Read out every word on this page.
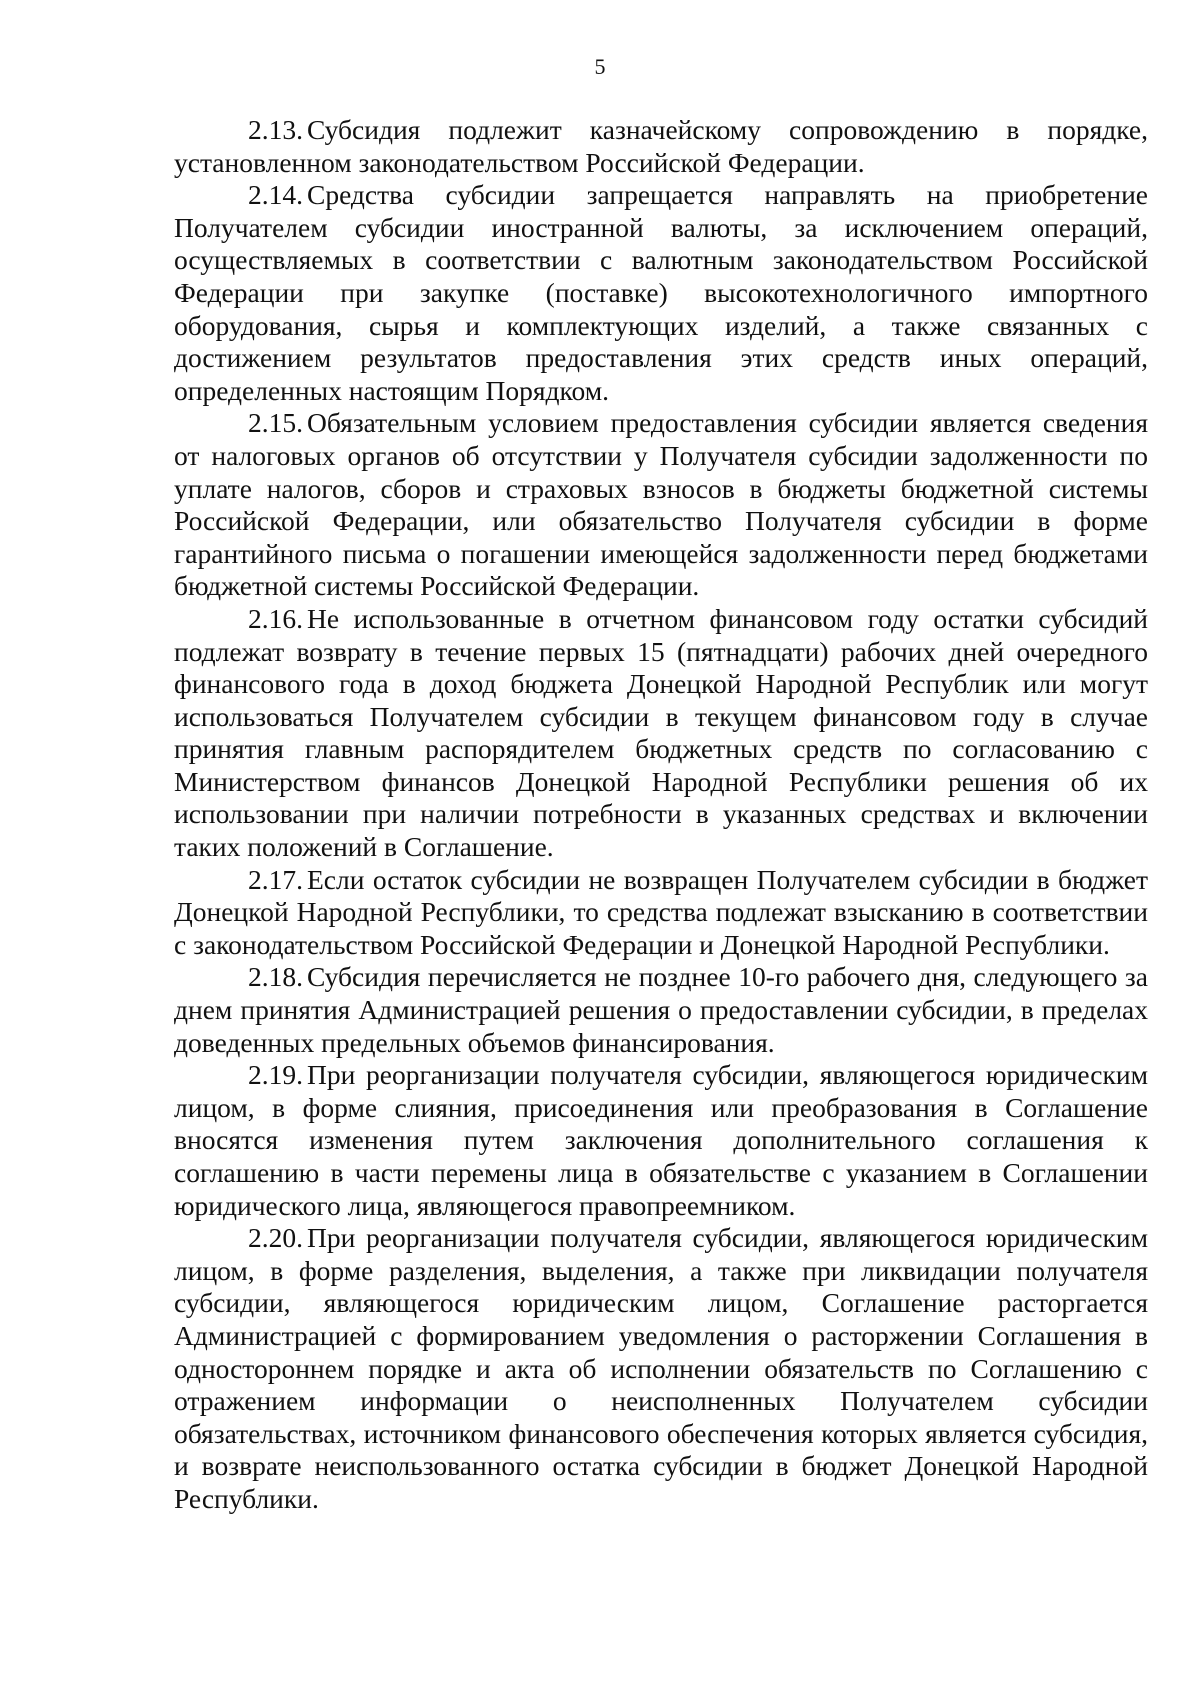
5

2.13. Субсидия подлежит казначейскому сопровождению в порядке, установленном законодательством Российской Федерации.

2.14. Средства субсидии запрещается направлять на приобретение Получателем субсидии иностранной валюты, за исключением операций, осуществляемых в соответствии с валютным законодательством Российской Федерации при закупке (поставке) высокотехнологичного импортного оборудования, сырья и комплектующих изделий, а также связанных с достижением результатов предоставления этих средств иных операций, определенных настоящим Порядком.

2.15. Обязательным условием предоставления субсидии является сведения от налоговых органов об отсутствии у Получателя субсидии задолженности по уплате налогов, сборов и страховых взносов в бюджеты бюджетной системы Российской Федерации, или обязательство Получателя субсидии в форме гарантийного письма о погашении имеющейся задолженности перед бюджетами бюджетной системы Российской Федерации.

2.16. Не использованные в отчетном финансовом году остатки субсидий подлежат возврату в течение первых 15 (пятнадцати) рабочих дней очередного финансового года в доход бюджета Донецкой Народной Республик или могут использоваться Получателем субсидии в текущем финансовом году в случае принятия главным распорядителем бюджетных средств по согласованию с Министерством финансов Донецкой Народной Республики решения об их использовании при наличии потребности в указанных средствах и включении таких положений в Соглашение.

2.17. Если остаток субсидии не возвращен Получателем субсидии в бюджет Донецкой Народной Республики, то средства подлежат взысканию в соответствии с законодательством Российской Федерации и Донецкой Народной Республики.

2.18. Субсидия перечисляется не позднее 10-го рабочего дня, следующего за днем принятия Администрацией решения о предоставлении субсидии, в пределах доведенных предельных объемов финансирования.

2.19. При реорганизации получателя субсидии, являющегося юридическим лицом, в форме слияния, присоединения или преобразования в Соглашение вносятся изменения путем заключения дополнительного соглашения к соглашению в части перемены лица в обязательстве с указанием в Соглашении юридического лица, являющегося правопреемником.

2.20. При реорганизации получателя субсидии, являющегося юридическим лицом, в форме разделения, выделения, а также при ликвидации получателя субсидии, являющегося юридическим лицом, Соглашение расторгается Администрацией с формированием уведомления о расторжении Соглашения в одностороннем порядке и акта об исполнении обязательств по Соглашению с отражением информации о неисполненных Получателем субсидии обязательствах, источником финансового обеспечения которых является субсидия, и возврате неиспользованного остатка субсидии в бюджет Донецкой Народной Республики.
